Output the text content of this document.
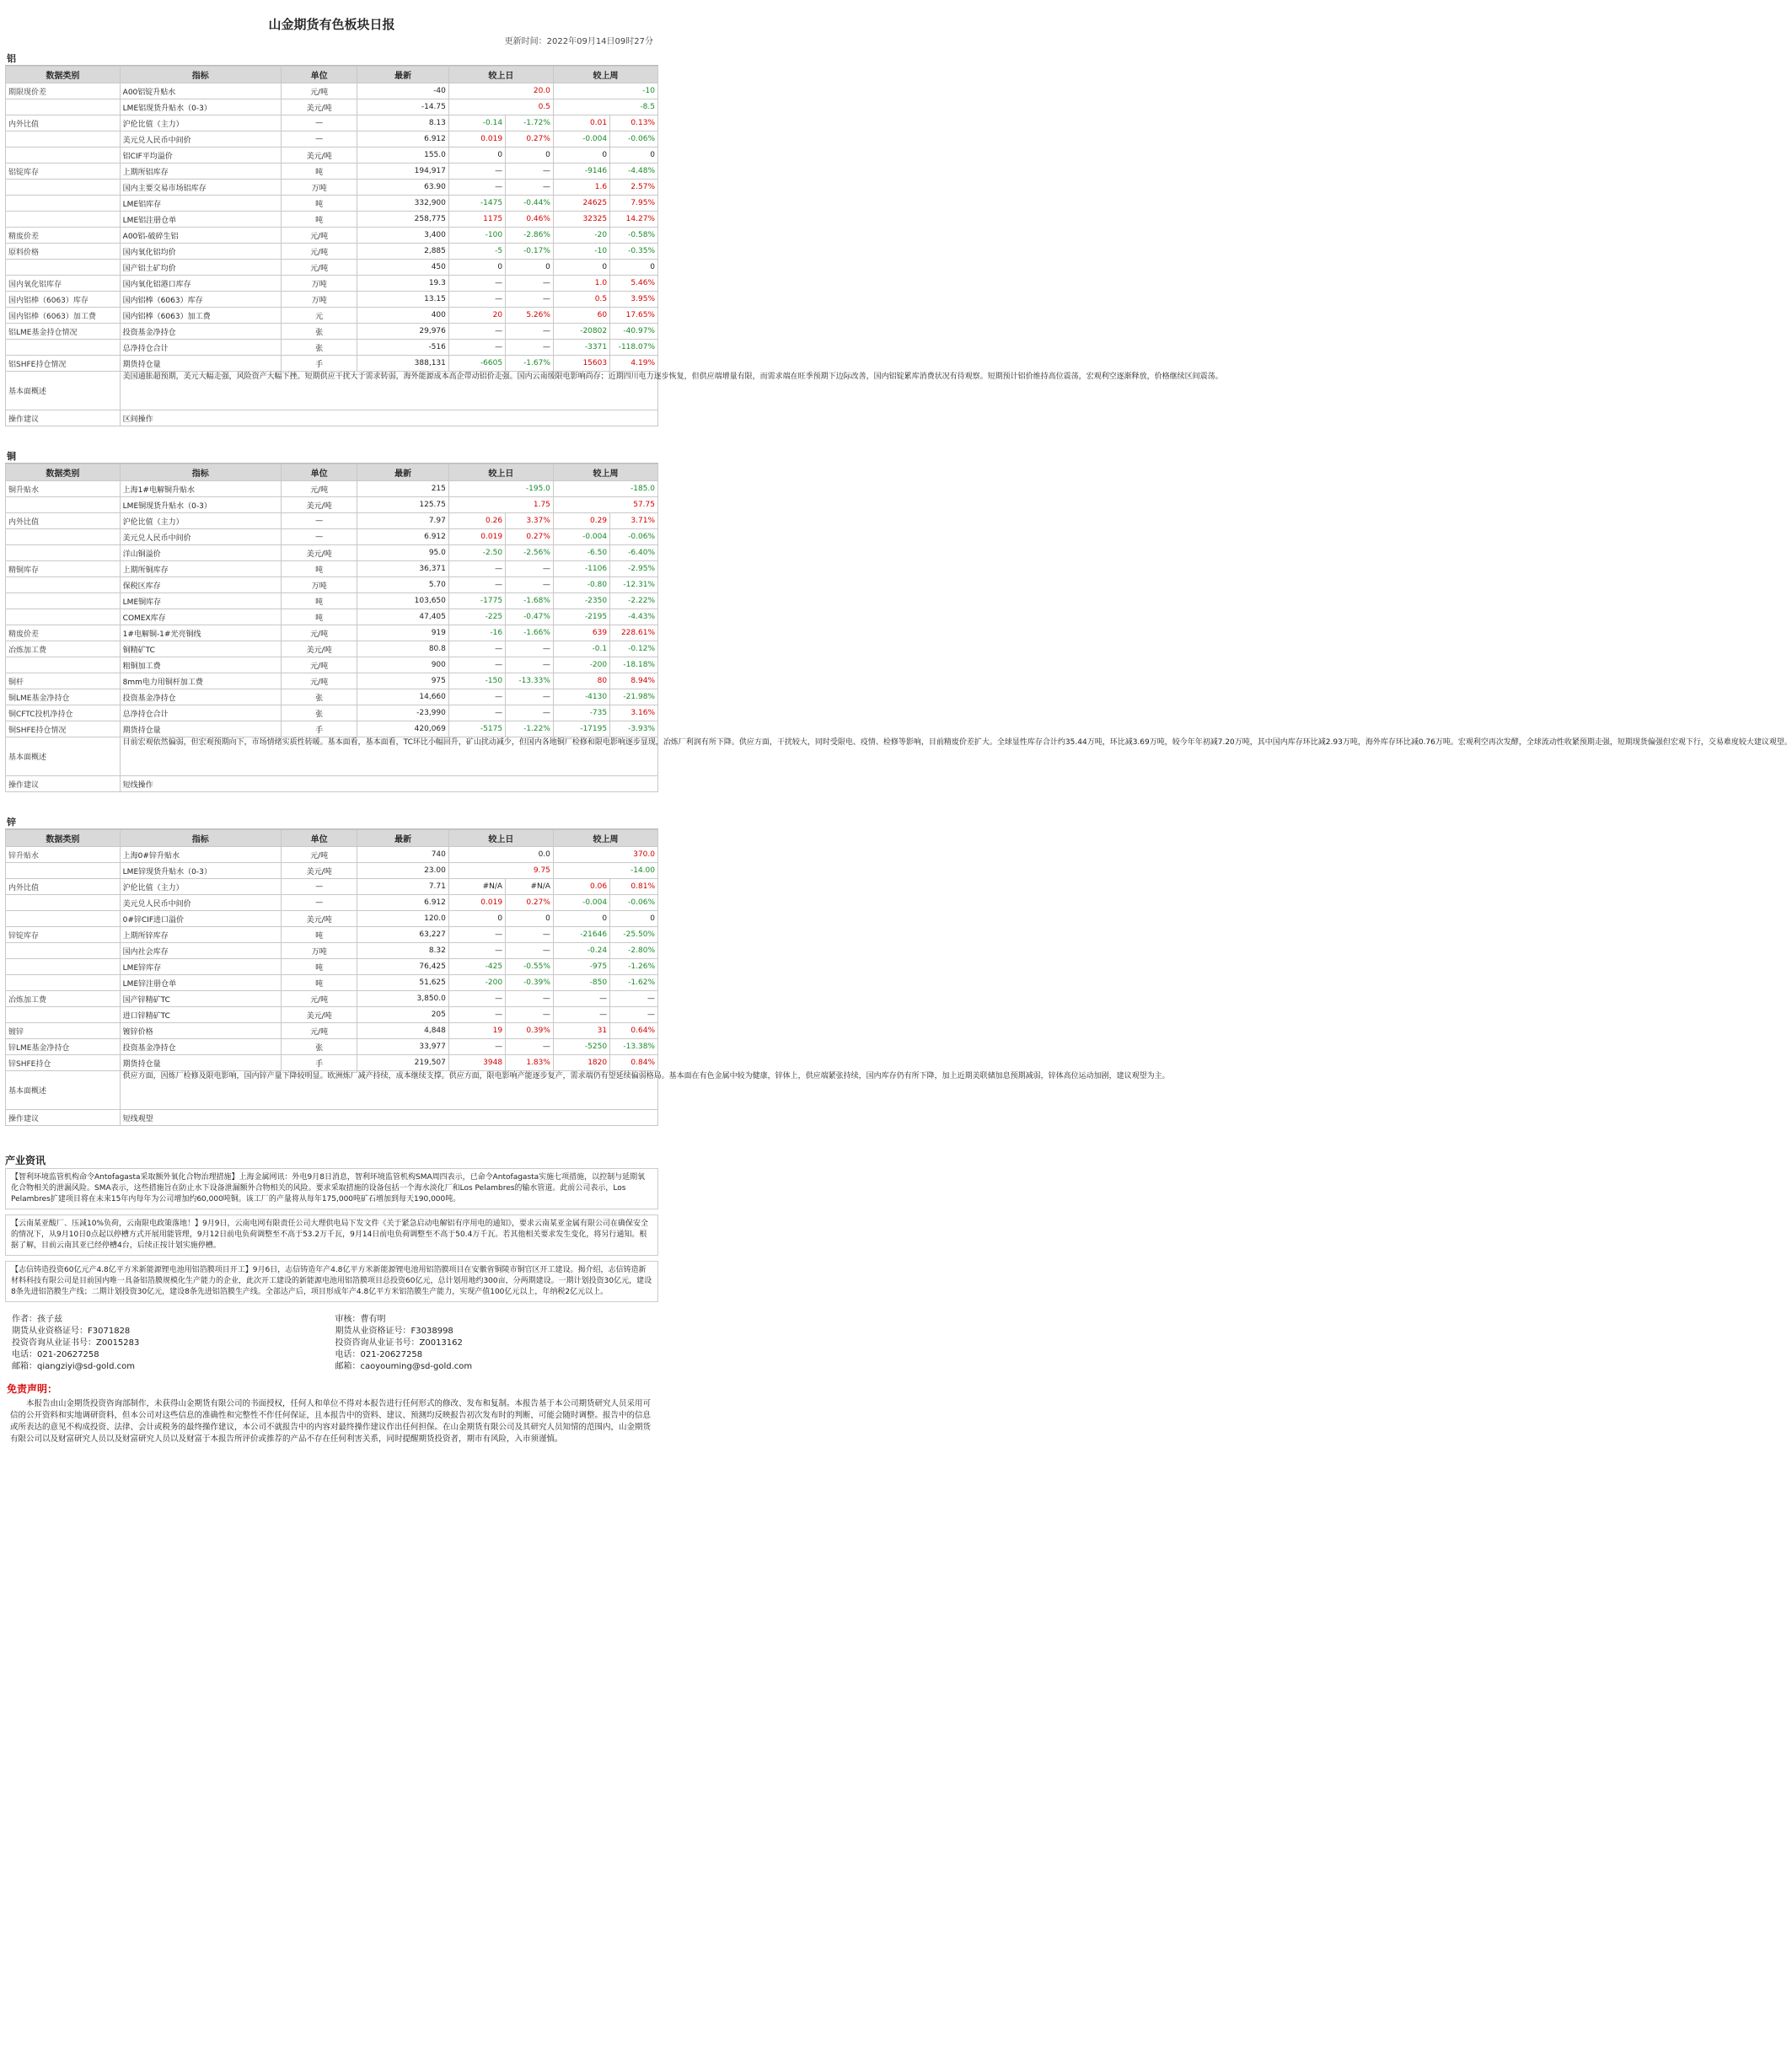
山金期货有色板块日报
更新时间：2022年09月14日09时27分
铝
数据类别	指标	单位	最新	较上日		较上周	
期限现价差	A00铝锭升贴水	元/吨	-40	20.0		-10	
	LME铝现货升贴水（0-3）	美元/吨	-14.75	0.5		-8.5	
内外比值	沪伦比值（主力）	—	8.13	-0.14	-1.72%	0.01	0.13%
	美元兑人民币中间价	—	6.912	0.019	0.27%	-0.004	-0.06%
	铝CIF平均溢价	美元/吨	155.0	0	0	0	0
铝锭库存	上期所铝库存	吨	194,917	—	—	-9146	-4.48%
	国内主要交易市场铝库存	万吨	63.90	—	—	1.6	2.57%
	LME铝库存	吨	332,900	-1475	-0.44%	24625	7.95%
	LME铝注册仓单	吨	258,775	1175	0.46%	32325	14.27%
精废价差	A00铝-破碎生铝	元/吨	3,400	-100	-2.86%	-20	-0.58%
原料价格	国内氧化铝均价	元/吨	2,885	-5	-0.17%	-10	-0.35%
	国产铝土矿均价	元/吨	450	0	0	0	0
国内氧化铝库存	国内氧化铝港口库存	万吨	19.3	—	—	1.0	5.46%
国内铝棒（6063）库存	国内铝棒（6063）库存	万吨	13.15	—	—	0.5	3.95%
国内铝棒（6063）加工费	国内铝棒（6063）加工费	元	400	20	5.26%	60	17.65%
铝LME基金持仓情况	投资基金净持仓	张	29,976	—	—	-20802	-40.97%
	总净持仓合计	张	-516	—	—	-3371	-118.07%
铝SHFE持仓情况	期货持仓量	手	388,131	-6605	-1.67%	15603	4.19%
基本面概述	美国通胀超预期，美元大幅走强，风险资产大幅下挫。短期供应干扰大于需求转弱，海外能源成本高企带动铝价走强。国内云南缓限电影响尚存；近期四川电力逐步恢复，但供应端增量有限，而需求端在旺季预期下边际改善，国内铝锭累库消费状况有待观察。短期预计铝价维持高位震荡，宏观利空逐渐释放，价格继续区间震荡。						
操作建议	区间操作						
铜
数据类别	指标	单位	最新	较上日		较上周	
铜升贴水	上海1#电解铜升贴水	元/吨	215	-195.0		-185.0	
	LME铜现货升贴水（0-3）	美元/吨	125.75	1.75		57.75	
内外比值	沪伦比值（主力）	—	7.97	0.26	3.37%	0.29	3.71%
	美元兑人民币中间价	—	6.912	0.019	0.27%	-0.004	-0.06%
	洋山铜溢价	美元/吨	95.0	-2.50	-2.56%	-6.50	-6.40%
精铜库存	上期所铜库存	吨	36,371	—	—	-1106	-2.95%
	保税区库存	万吨	5.70	—	—	-0.80	-12.31%
	LME铜库存	吨	103,650	-1775	-1.68%	-2350	-2.22%
	COMEX库存	吨	47,405	-225	-0.47%	-2195	-4.43%
精废价差	1#电解铜-1#光亮铜线	元/吨	919	-16	-1.66%	639	228.61%
冶炼加工费	铜精矿TC	美元/吨	80.8	—	—	-0.1	-0.12%
	粗铜加工费	元/吨	900	—	—	-200	-18.18%
铜杆	8mm电力用铜杆加工费	元/吨	975	-150	-13.33%	80	8.94%
铜LME基金净持仓	投资基金净持仓	张	14,660	—	—	-4130	-21.98%
铜CFTC投机净持仓	总净持仓合计	张	-23,990	—	—	-735	3.16%
铜SHFE持仓情况	期货持仓量	手	420,069	-5175	-1.22%	-17195	-3.93%
基本面概述	目前宏观依然偏弱，但宏观预期向下，市场情绪实质性转暖。基本面看，基本面看，TC环比小幅回升，矿山扰动减少，但国内各地铜厂检修和限电影响逐步显现，冶炼厂利润有所下降。供应方面，干扰较大，同时受限电、疫情、检修等影响，目前精废价差扩大。全球显性库存合计约35.44万吨，环比减3.69万吨，较今年年初减7.20万吨，其中国内库存环比减2.93万吨，海外库存环比减0.76万吨。宏观利空再次发酵，全球流动性收紧预期走强，短期现货偏强但宏观下行，交易难度较大建议观望。						
操作建议	短线操作						
锌
数据类别	指标	单位	最新	较上日		较上周	
锌升贴水	上海0#锌升贴水	元/吨	740	0.0		370.0	
	LME锌现货升贴水（0-3）	美元/吨	23.00	9.75		-14.00	
内外比值	沪伦比值（主力）	—	7.71	#N/A	#N/A	0.06	0.81%
	美元兑人民币中间价	—	6.912	0.019	0.27%	-0.004	-0.06%
	0#锌CIF进口溢价	美元/吨	120.0	0	0	0	0
锌锭库存	上期所锌库存	吨	63,227	—	—	-21646	-25.50%
	国内社会库存	万吨	8.32	—	—	-0.24	-2.80%
	LME锌库存	吨	76,425	-425	-0.55%	-975	-1.26%
	LME锌注册仓单	吨	51,625	-200	-0.39%	-850	-1.62%
冶炼加工费	国产锌精矿TC	元/吨	3,850.0	—	—	—	—
	进口锌精矿TC	美元/吨	205	—	—	—	—
镀锌	镀锌价格	元/吨	4,848	19	0.39%	31	0.64%
锌LME基金净持仓	投资基金净持仓	张	33,977	—	—	-5250	-13.38%
锌SHFE持仓	期货持仓量	手	219,507	3948	1.83%	1820	0.84%
基本面概述	供应方面，因炼厂检修及限电影响，国内锌产量下降较明显。欧洲炼厂减产持续，成本继续支撑。供应方面，限电影响产能逐步复产，需求端仍有望延续偏弱格局。基本面在有色金属中较为健康，锌体上，供应端紧张持续，国内库存仍有所下降，加上近期美联储加息预期减弱，锌体高位运动加剧，建议观望为主。						
操作建议	短线观望						
产业资讯
【智利环境监管机构命令Antofagasta采取额外氧化合物治理措施】上海金属网讯：外电9月8日消息，智利环境监管机构SMA周四表示，已命令Antofagasta实施七项措施，以控制与延期氧化合物相关的泄漏风险。SMA表示，这些措施旨在防止水下设备泄漏额外合物相关的风险。要求采取措施的设备包括一个海水淡化厂和Los Pelambres的输水管道。此前公司表示，Los Pelambres扩建项目将在未来15年内每年为公司增加约60,000吨铜。该工厂的产量将从每年175,000吨矿石增加到每天190,000吨。
【云南某亚酸厂、压减10%负荷，云南限电政策落地！】9月9日，云南电网有限责任公司大理供电局下发文件《关于紧急启动电解铝有序用电的通知》，要求云南某亚金属有限公司在确保安全的情况下，从9月10日0点起以停槽方式开展用能管理，9月12日前电负荷调整至不高于53.2万千瓦，9月14日前电负荷调整至不高于50.4万千瓦。若其他相关要求发生变化，将另行通知。根据了解，目前云南其亚已经停槽4台，后续正按计划实施停槽。
【志信铸造投资60亿元产4.8亿平方米新能源锂电池用铝箔膜项目开工】9月6日，志信铸造年产4.8亿平方米新能源锂电池用铝箔膜项目在安徽省铜陵市铜官区开工建设。揭介绍，志信铸造新材料科技有限公司是目前国内唯一具备铝箔膜规模化生产能力的企业，此次开工建设的新能源电池用铝箔膜项目总投资60亿元，总计划用地约300亩，分两期建设。一期计划投资30亿元，建设8条先进铝箔膜生产线；二期计划投资30亿元，建设8条先进铝箔膜生产线。全部达产后，项目形成年产4.8亿平方米铝箔膜生产能力，实现产值100亿元以上，年纳税2亿元以上。
作者：孩子兹
期货从业资格证号：F3071828
投资咨询从业证书号：Z0015283
电话：021-20627258
邮箱：qiangziyi@sd-gold.com
审核：曹有明
期货从业资格证号：F3038998
投资咨询从业证书号：Z0013162
电话：021-20627258
邮箱：caoyouming@sd-gold.com
免责声明：
本报告由山金期货投资咨询部制作，未获得山金期货有限公司的书面授权，任何人和单位不得对本报告进行任何形式的修改、发布和复制。本报告基于本公司期货研究人员采用可信的公开资料和实地调研资料，但本公司对这些信息的准确性和完整性不作任何保证，且本报告中的资料、建议、预测均反映报告初次发布时的判断，可能会随时调整。报告中的信息或所表达的意见不构成投资、法律、会计或税务的最终操作建议，本公司不就报告中的内容对最终操作建议作出任何担保。在山金期货有限公司及其研究人员知情的范围内，山金期货有限公司以及财富研究人员以及财富研究人员以及财富于本报告所评价或推荐的产品不存在任何利害关系，同时提醒期货投资者，期市有风险，入市须谨慎。
